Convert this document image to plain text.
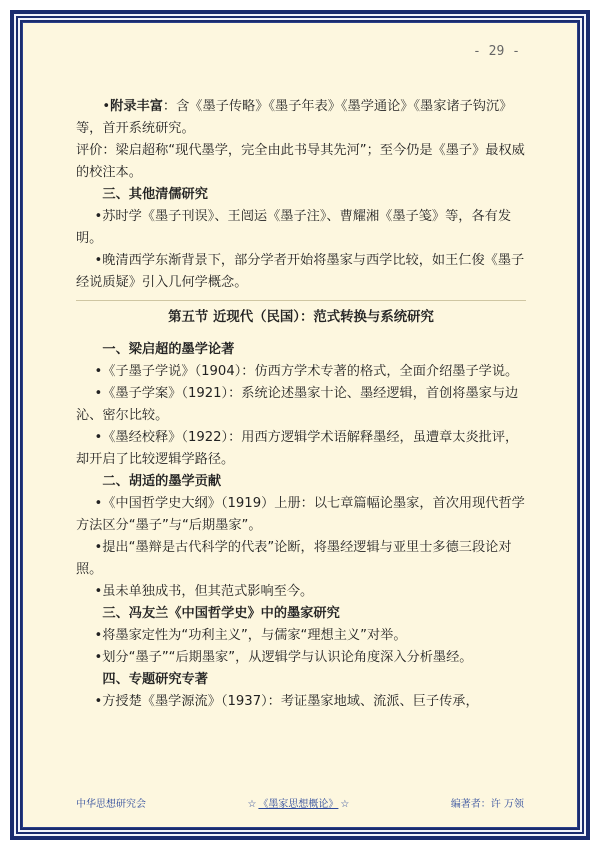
- 29 -

•附录丰富：含《墨子传略》《墨子年表》《墨学通论》《墨家诸子钩沉》等，首开系统研究。

评价：梁启超称“现代墨学，完全由此书导其先河”；至今仍是《墨子》最权威的校注本。

三、其他清儒研究

•苏时学《墨子刊误》、王闿运《墨子注》、曹耀湘《墨子笺》等，各有发明。

•晚清西学东渐背景下，部分学者开始将墨家与西学比较，如王仁俊《墨子经说质疑》引入几何学概念。

第五节 近现代（民国）：范式转换与系统研究

一、梁启超的墨学论著

•《子墨子学说》（1904）：仿西方学术专著的格式，全面介绍墨子学说。

•《墨子学案》（1921）：系统论述墨家十论、墨经逻辑，首创将墨家与边沁、密尔比较。

•《墨经校释》（1922）：用西方逻辑学术语解释墨经，虽遭章太炎批评，却开启了比较逻辑学路径。

二、胡适的墨学贡献

•《中国哲学史大纲》（1919）上册：以七章篇幅论墨家，首次用现代哲学方法区分“墨子”与“后期墨家”。

•提出“墨辩是古代科学的代表”论断，将墨经逻辑与亚里士多德三段论对照。

•虽未单独成书，但其范式影响至今。

三、冯友兰《中国哲学史》中的墨家研究

•将墨家定性为“功利主义”，与儒家“理想主义”对举。

•划分“墨子”“后期墨家”，从逻辑学与认识论角度深入分析墨经。

四、专题研究专著

•方授楚《墨学源流》（1937）：考证墨家地域、流派、巨子传承，

中华思想研究会	☆ 《墨家思想概论》 ☆	编著者：许 万领
